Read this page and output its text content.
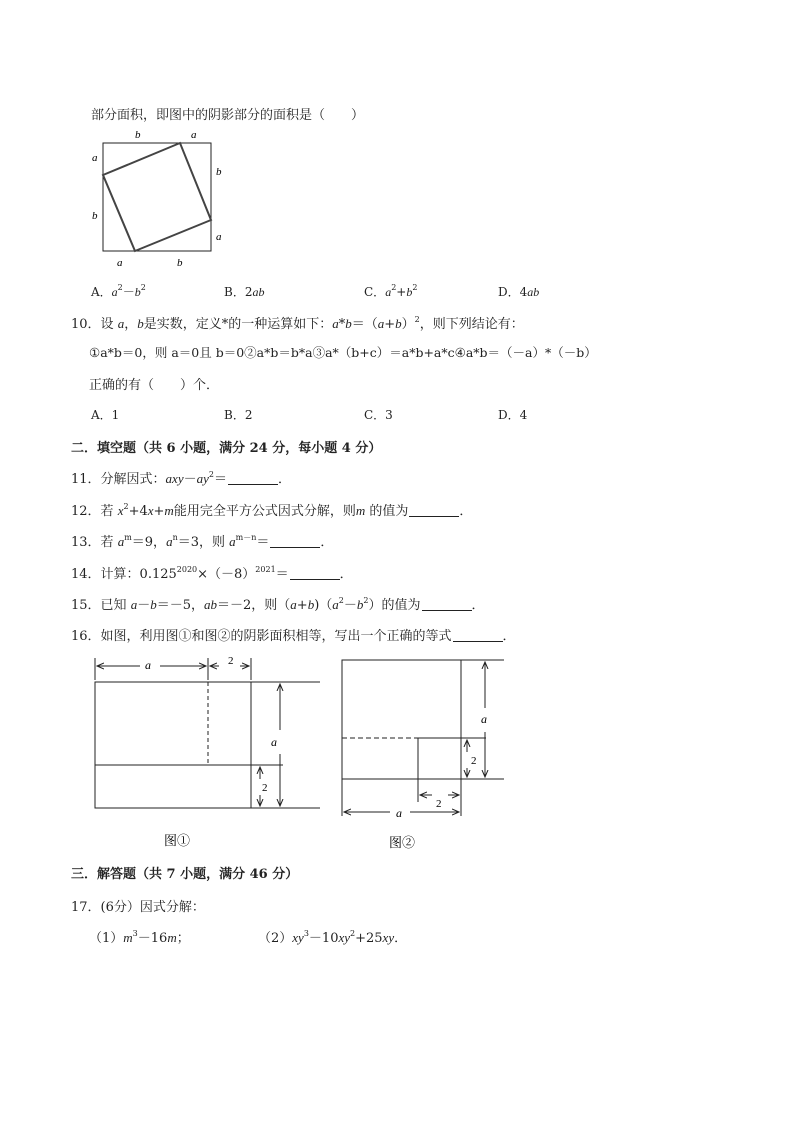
部分面积，即图中的阴影部分的面积是（　　）
b	a
a
b
b
a
a	b
A．$a^2-b^2$	B．2ab	C．$a^2+b^2$	D．4ab
10．设 a，b是实数，定义*的一种运算如下：$a*b=(a+b)^2$，则下列结论有：
①a*b＝0，则 a＝0且 b＝0②a*b＝b*a③a*（b+c）＝a*b+a*c④a*b＝（－a）*（－b）
正确的有（　　）个．
A．1	B．2	C．3	D．4
二．填空题（共 6 小题，满分 24 分，每小题 4 分）
11．分解因式：$axy-ay^2=$	．
12．若 $x^2+4x+m$能用完全平方公式因式分解，则m 的值为	．
13．若 $a^m=9$，$a^n=3$，则 $a^{m-n}=$	．
14．计算：$0.125^{2020}\times(-8)^{2021}=$	．
15．已知 a－b＝－5，ab＝－2，则$(a+b)(a^2-b^2)$的值为	．
16．如图，利用图①和图②的阴影面积相等，写出一个正确的等式	．
a	2
a
2
图①
a
2
2
a
图②
三．解答题（共 7 小题，满分 46 分）
17．(6分）因式分解：
$(1)m^3-16m$；	$(2)xy^3-10xy^2+25xy$．
